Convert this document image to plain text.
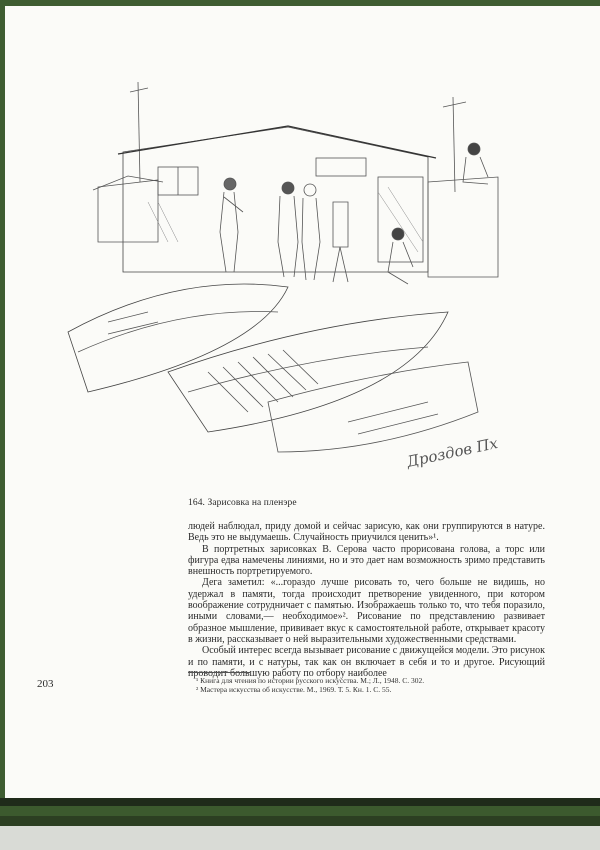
Дроздов Пх
164. Зарисовка на пленэре

людей наблюдал, приду домой и сейчас зарисую, как они группируются в натуре. Ведь это не выдумаешь. Случайность приучился ценить»¹.

В портретных зарисовках В. Серова часто прорисована голова, а торс или фигура едва намечены линиями, но и это дает нам возможность зримо представить внешность портретируемого.

Дега заметил: «...гораздо лучше рисовать то, чего больше не видишь, но удержал в памяти, тогда происходит претворение увиденного, при котором воображение сотрудничает с памятью. Изображаешь только то, что тебя поразило, иными словами,— необходимое»². Рисование по представлению развивает образное мышление, прививает вкус к самостоятельной работе, открывает красоту в жизни, рассказывает о ней выразительными художественными средствами.

Особый интерес всегда вызывает рисование с движущейся модели. Это рисунок и по памяти, и с натуры, так как он включает в себя и то и другое. Рисующий проводит большую работу по отбору наиболее

203	¹ Книга для чтения по истории русского искусства. М.; Л., 1948. С. 302.
² Мастера искусства об искусстве. М., 1969. Т. 5. Кн. 1. С. 55.
